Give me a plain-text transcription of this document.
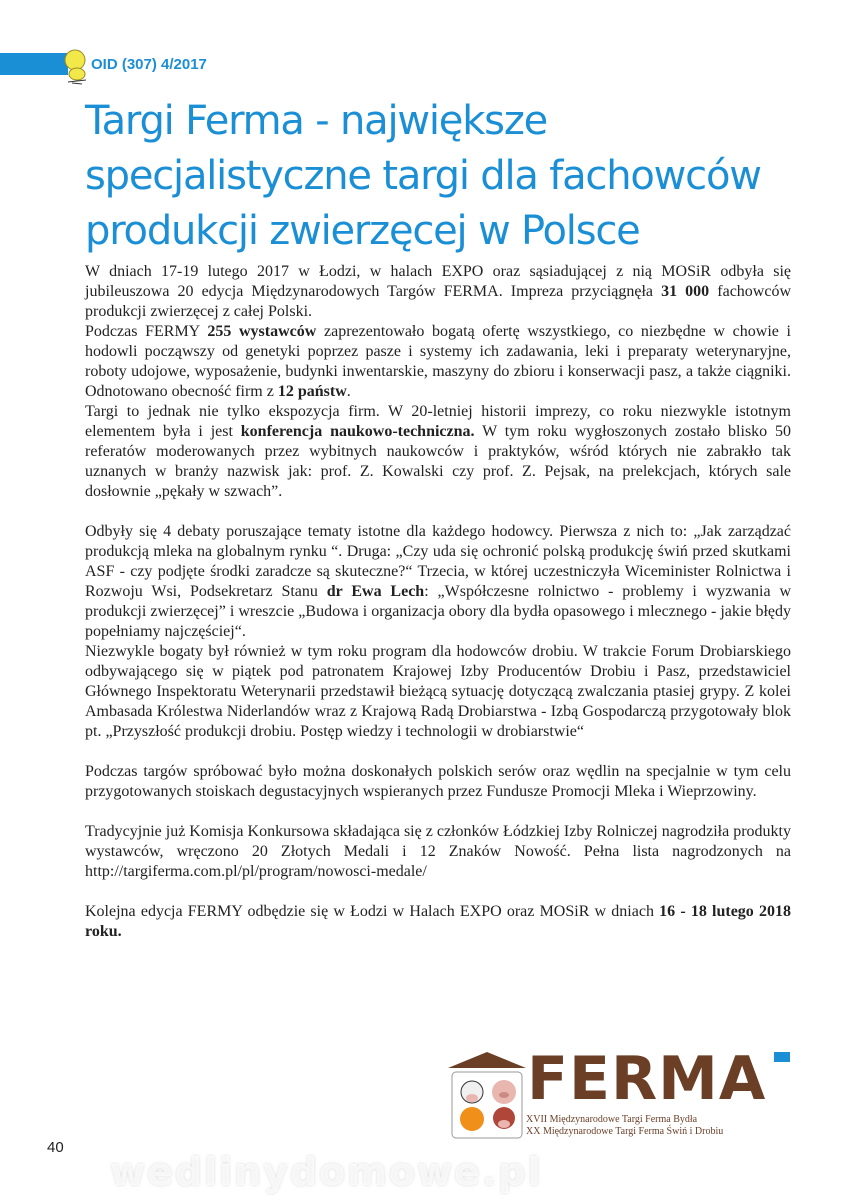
OID (307) 4/2017
Targi Ferma - największe specjalistyczne targi dla fachowców produkcji zwierzęcej w Polsce

W dniach 17-19 lutego 2017 w Łodzi, w halach EXPO oraz sąsiadującej z nią MOSiR odbyła się jubileuszowa 20 edycja Międzynarodowych Targów FERMA. Impreza przyciągnęła 31 000 fachowców produkcji zwierzęcej z całej Polski.

Podczas FERMY 255 wystawców zaprezentowało bogatą ofertę wszystkiego, co niezbędne w chowie i hodowli począwszy od genetyki poprzez pasze i systemy ich zadawania, leki i preparaty weterynaryjne, roboty udojowe, wyposażenie, budynki inwentarskie, maszyny do zbioru i konserwacji pasz, a także ciągniki. Odnotowano obecność firm z 12 państw.

Targi to jednak nie tylko ekspozycja firm. W 20-letniej historii imprezy, co roku niezwykle istotnym elementem była i jest konferencja naukowo-techniczna. W tym roku wygłoszonych zostało blisko 50 referatów moderowanych przez wybitnych naukowców i praktyków, wśród których nie zabrakło tak uznanych w branży nazwisk jak: prof. Z. Kowalski czy prof. Z. Pejsak, na prelekcjach, których sale dosłownie „pękały w szwach”.

Odbyły się 4 debaty poruszające tematy istotne dla każdego hodowcy. Pierwsza z nich to: „Jak zarządzać produkcją mleka na globalnym rynku “. Druga: „Czy uda się ochronić polską produkcję świń przed skutkami ASF - czy podjęte środki zaradcze są skuteczne?“ Trzecia, w której uczestniczyła Wiceminister Rolnictwa i Rozwoju Wsi, Podsekretarz Stanu dr Ewa Lech: „Współczesne rolnictwo - problemy i wyzwania w produkcji zwierzęcej” i wreszcie „Budowa i organizacja obory dla bydła opasowego i mlecznego - jakie błędy popełniamy najczęściej“.

Niezwykle bogaty był również w tym roku program dla hodowców drobiu. W trakcie Forum Drobiarskiego odbywającego się w piątek pod patronatem Krajowej Izby Producentów Drobiu i Pasz, przedstawiciel Głównego Inspektoratu Weterynarii przedstawił bieżącą sytuację dotyczącą zwalczania ptasiej grypy. Z kolei Ambasada Królestwa Niderlandów wraz z Krajową Radą Drobiarstwa - Izbą Gospodarczą przygotowały blok pt. „Przyszłość produkcji drobiu. Postęp wiedzy i technologii w drobiarstwie“

Podczas targów spróbować było można doskonałych polskich serów oraz wędlin na specjalnie w tym celu przygotowanych stoiskach degustacyjnych wspieranych przez Fundusze Promocji Mleka i Wieprzowiny.

Tradycyjnie już Komisja Konkursowa składająca się z członków Łódzkiej Izby Rolniczej nagrodziła produkty wystawców, wręczono 20 Złotych Medali i 12 Znaków Nowość. Pełna lista nagrodzonych na http://targiferma.com.pl/pl/program/nowosci-medale/

Kolejna edycja FERMY odbędzie się w Łodzi w Halach EXPO oraz MOSiR w dniach 16 - 18 lutego 2018 roku.

FERMA
XVII Międzynarodowe Targi Ferma Bydła
XX Międzynarodowe Targi Ferma Świń i Drobiu
wedlinydomowe.pl
40
